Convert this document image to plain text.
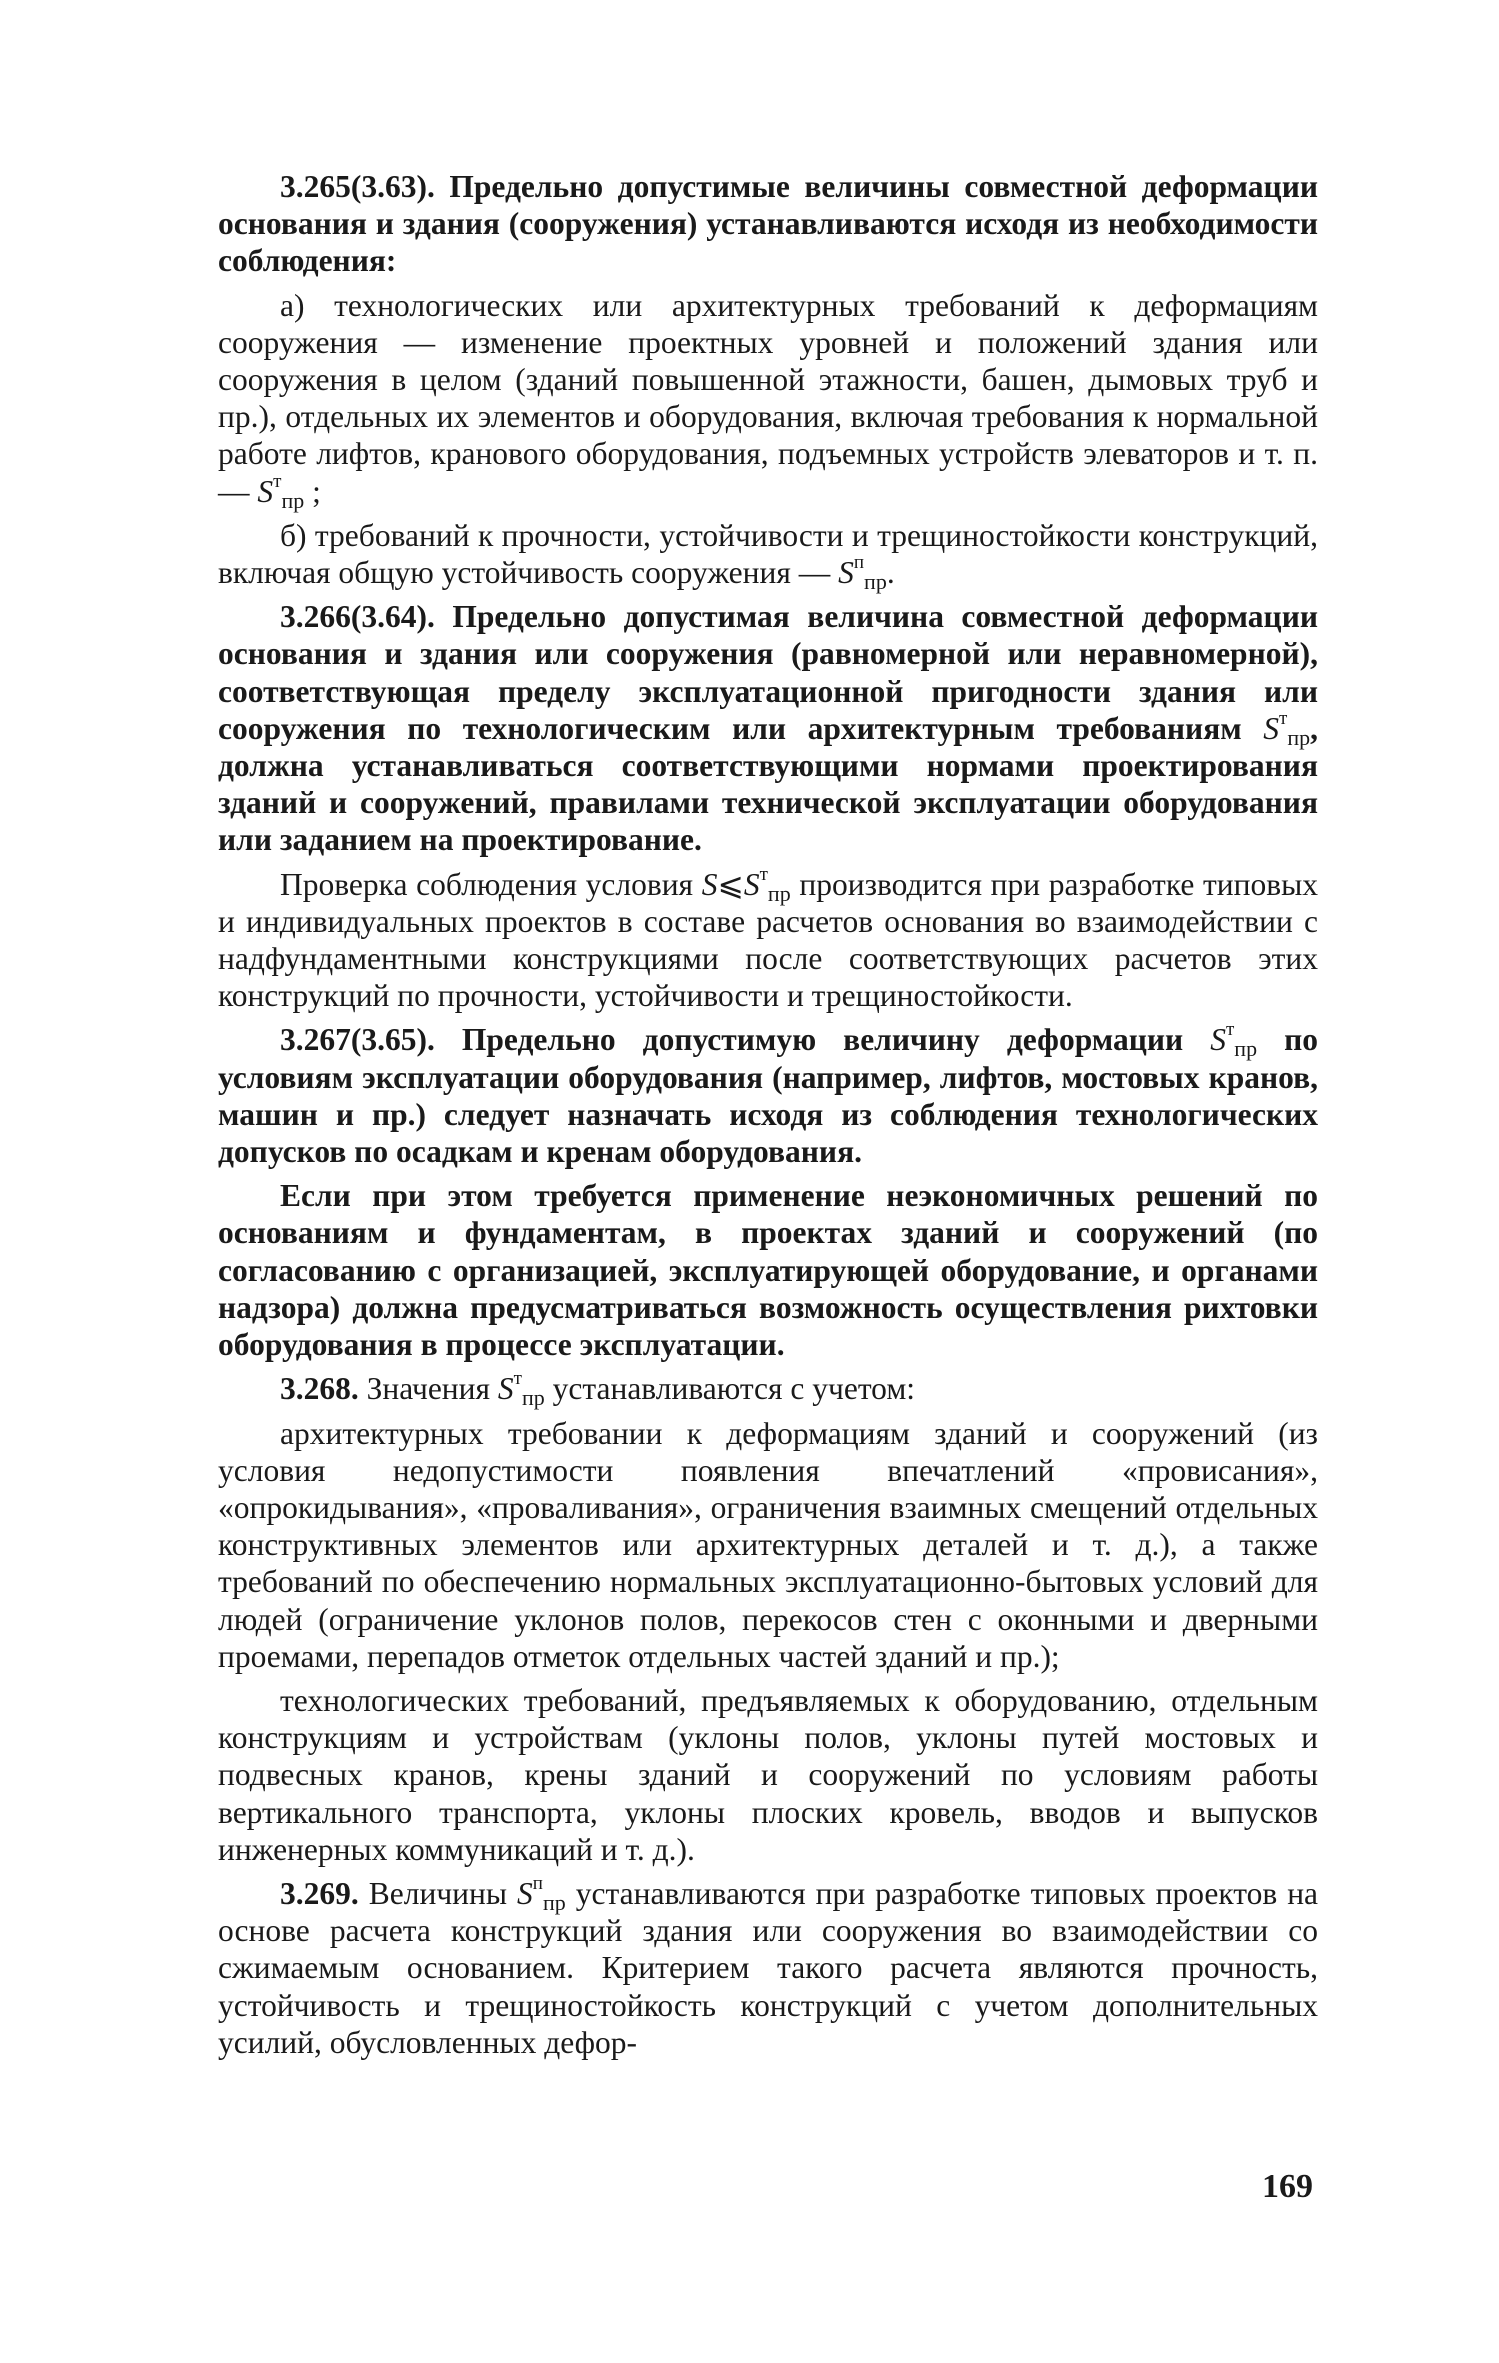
3.265(3.63). Предельно допустимые величины совместной деформации основания и здания (сооружения) устанавливаются исходя из необходимости соблюдения:

а) технологических или архитектурных требований к деформациям сооружения — изменение проектных уровней и положений здания или сооружения в целом (зданий повышенной этажности, башен, дымовых труб и пр.), отдельных их элементов и оборудования, включая требования к нормальной работе лифтов, кранового оборудования, подъемных устройств элеваторов и т. п. — $S^т_{пр}$ ;

б) требований к прочности, устойчивости и трещиностойкости конструкций, включая общую устойчивость сооружения — $S^п_{пр}$.

3.266(3.64). Предельно допустимая величина совместной деформации основания и здания или сооружения (равномерной или неравномерной), соответствующая пределу эксплуатационной пригодности здания или сооружения по технологическим или архитектурным требованиям $S^т_{пр}$, должна устанавливаться соответствующими нормами проектирования зданий и сооружений, правилами технической эксплуатации оборудования или заданием на проектирование.

Проверка соблюдения условия $S⩽S^т_{пр}$ производится при разработке типовых и индивидуальных проектов в составе расчетов основания во взаимодействии с надфундаментными конструкциями после соответствующих расчетов этих конструкций по прочности, устойчивости и трещиностойкости.

3.267(3.65). Предельно допустимую величину деформации $S^т_{пр}$ по условиям эксплуатации оборудования (например, лифтов, мостовых кранов, машин и пр.) следует назначать исходя из соблюдения технологических допусков по осадкам и кренам оборудования.

Если при этом требуется применение неэкономичных решений по основаниям и фундаментам, в проектах зданий и сооружений (по согласованию с организацией, эксплуатирующей оборудование, и органами надзора) должна предусматриваться возможность осуществления рихтовки оборудования в процессе эксплуатации.

3.268. Значения $S^т_{пр}$ устанавливаются с учетом:

архитектурных требовании к деформациям зданий и сооружений (из условия недопустимости появления впечатлений «провисания», «опрокидывания», «проваливания», ограничения взаимных смещений отдельных конструктивных элементов или архитектурных деталей и т. д.), а также требований по обеспечению нормальных эксплуатационно-бытовых условий для людей (ограничение уклонов полов, перекосов стен с оконными и дверными проемами, перепадов отметок отдельных частей зданий и пр.);

технологических требований, предъявляемых к оборудованию, отдельным конструкциям и устройствам (уклоны полов, уклоны путей мостовых и подвесных кранов, крены зданий и сооружений по условиям работы вертикального транспорта, уклоны плоских кровель, вводов и выпусков инженерных коммуникаций и т. д.).

3.269. Величины $S^п_{пр}$ устанавливаются при разработке типовых проектов на основе расчета конструкций здания или сооружения во взаимодействии со сжимаемым основанием. Критерием такого расчета являются прочность, устойчивость и трещиностойкость конструкций с учетом дополнительных усилий, обусловленных дефор-

169
